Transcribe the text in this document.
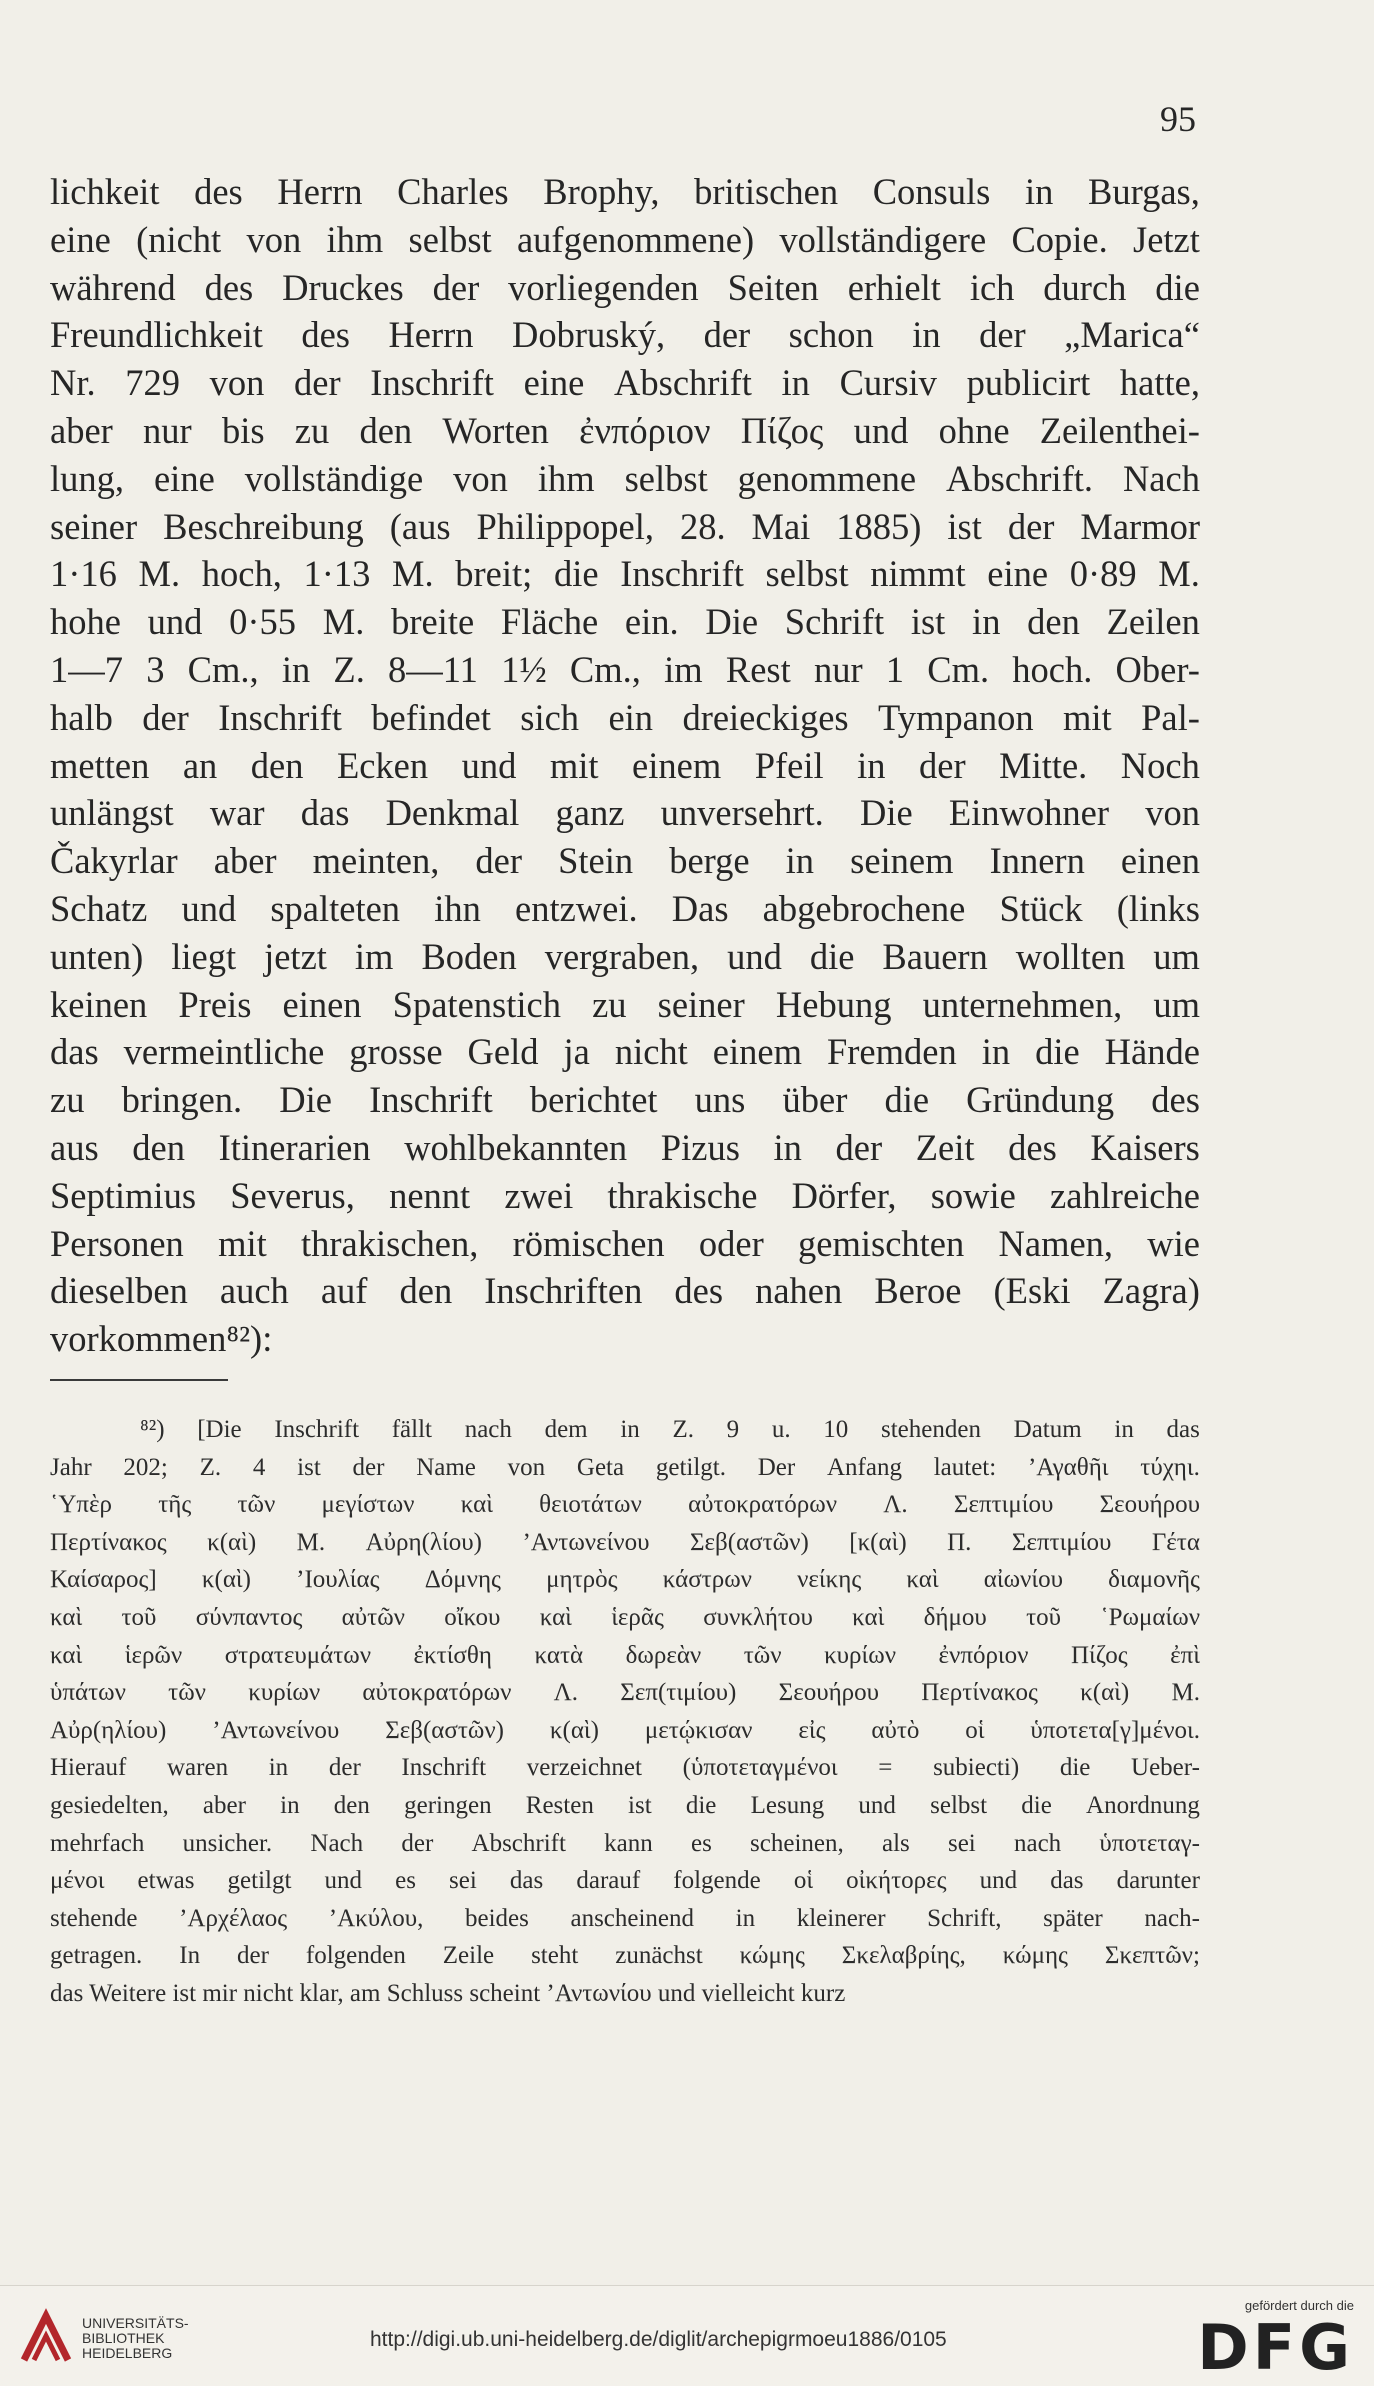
95
lichkeit des Herrn Charles Brophy, britischen Consuls in Burgas,
eine (nicht von ihm selbst aufgenommene) vollständigere Copie. Jetzt
während des Druckes der vorliegenden Seiten erhielt ich durch die
Freundlichkeit des Herrn Dobruský, der schon in der „Marica“
Nr. 729 von der Inschrift eine Abschrift in Cursiv publicirt hatte,
aber nur bis zu den Worten ἐνπόριον Πίζος und ohne Zeilenthei-
lung, eine vollständige von ihm selbst genommene Abschrift. Nach
seiner Beschreibung (aus Philippopel, 28. Mai 1885) ist der Marmor
1·16 M. hoch, 1·13 M. breit; die Inschrift selbst nimmt eine 0·89 M.
hohe und 0·55 M. breite Fläche ein. Die Schrift ist in den Zeilen
1—7 3 Cm., in Z. 8—11 1½ Cm., im Rest nur 1 Cm. hoch. Ober-
halb der Inschrift befindet sich ein dreieckiges Tympanon mit Pal-
metten an den Ecken und mit einem Pfeil in der Mitte. Noch
unlängst war das Denkmal ganz unversehrt. Die Einwohner von
Čakyrlar aber meinten, der Stein berge in seinem Innern einen
Schatz und spalteten ihn entzwei. Das abgebrochene Stück (links
unten) liegt jetzt im Boden vergraben, und die Bauern wollten um
keinen Preis einen Spatenstich zu seiner Hebung unternehmen, um
das vermeintliche grosse Geld ja nicht einem Fremden in die Hände
zu bringen. Die Inschrift berichtet uns über die Gründung des
aus den Itinerarien wohlbekannten Pizus in der Zeit des Kaisers
Septimius Severus, nennt zwei thrakische Dörfer, sowie zahlreiche
Personen mit thrakischen, römischen oder gemischten Namen, wie
dieselben auch auf den Inschriften des nahen Beroe (Eski Zagra)
vorkommen⁸²):
⁸²) [Die Inschrift fällt nach dem in Z. 9 u. 10 stehenden Datum in das
Jahr 202; Z. 4 ist der Name von Geta getilgt. Der Anfang lautet: ’Αγαθῆι τύχηι.
῾Υπὲρ τῆς τῶν μεγίστων καὶ θειοτάτων αὐτοκρατόρων Λ. Σεπτιμίου Σεουήρου
Περτίνακος κ(αὶ) Μ. Αὐρη(λίου) ’Αντωνείνου Σεβ(αστῶν) [κ(αὶ) Π. Σεπτιμίου Γέτα
Καίσαρος] κ(αὶ) ’Ιουλίας Δόμνης μητρὸς κάστρων νείκης καὶ αἰωνίου διαμονῆς
καὶ τοῦ σύνπαντος αὐτῶν οἴκου καὶ ἱερᾶς συνκλήτου καὶ δήμου τοῦ ῾Ρωμαίων
καὶ ἱερῶν στρατευμάτων ἐκτίσθη κατὰ δωρεὰν τῶν κυρίων ἐνπόριον Πίζος ἐπὶ
ὑπάτων τῶν κυρίων αὐτοκρατόρων Λ. Σεπ(τιμίου) Σεουήρου Περτίνακος κ(αὶ) Μ.
Αὐρ(ηλίου) ’Αντωνείνου Σεβ(αστῶν) κ(αὶ) μετῴκισαν εἰς αὐτὸ οἱ ὑποτετα[γ]μένοι.
Hierauf waren in der Inschrift verzeichnet (ὑποτεταγμένοι = subiecti) die Ueber-
gesiedelten, aber in den geringen Resten ist die Lesung und selbst die Anordnung
mehrfach unsicher. Nach der Abschrift kann es scheinen, als sei nach ὑποτεταγ-
μένοι etwas getilgt und es sei das darauf folgende οἱ οἰκήτορες und das darunter
stehende ’Αρχέλαος ’Ακύλου, beides anscheinend in kleinerer Schrift, später nach-
getragen. In der folgenden Zeile steht zunächst κώμης Σκελαβρίης, κώμης Σκεπτῶν;
das Weitere ist mir nicht klar, am Schluss scheint ’Αντωνίου und vielleicht kurz
UNIVERSITÄTS-
BIBLIOTHEK
HEIDELBERG
http://digi.ub.uni-heidelberg.de/diglit/archepigrmoeu1886/0105
gefördert durch die
DFG
